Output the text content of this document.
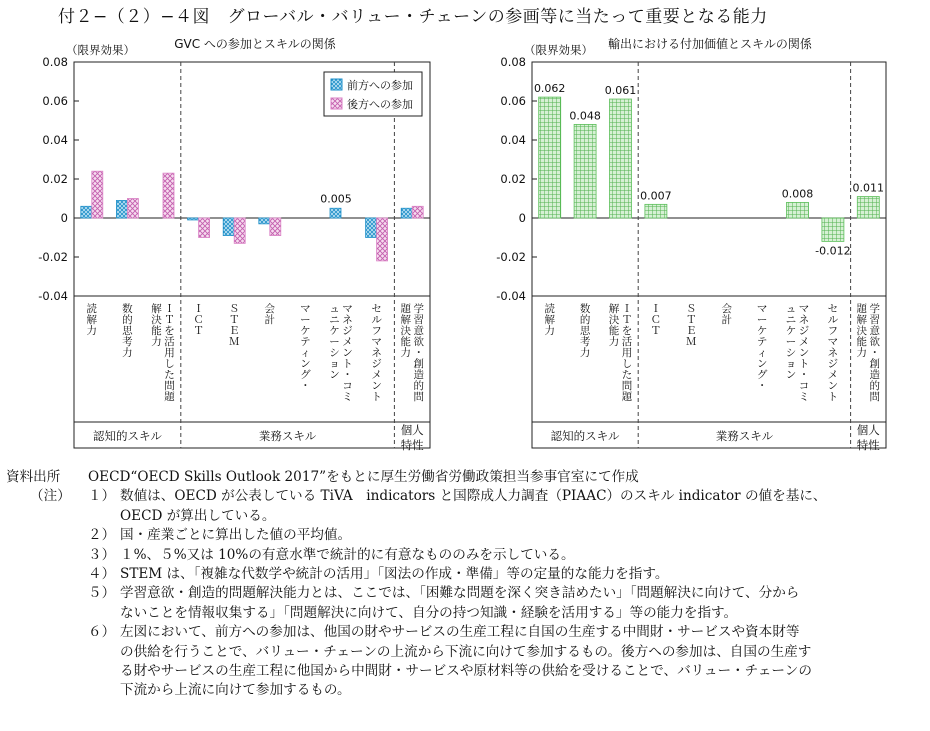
付２−（２）−４図　グローバル・バリュー・チェーンの参画等に当たって重要となる能力
GVC への参加とスキルの関係
（限界効果）
0.08
0.06
0.04
0.02
0
-0.02
-0.04
認知的スキル	業務スキル	個人
特性
読
解
力
数
的
思
考
力
Ｉ
Ｔ
を
活
用
し
た
問
題
解
決
能
力
Ｉ
Ｃ
Ｔ
Ｓ
Ｔ
Ｅ
Ｍ
会
計
マ
ー
ケ
テ
ィ
ン
グ
・
マ
ネ
ジ
メ
ン
ト
・
コ
ミ
ュ
ニ
ケ
ー
シ
ョ
ン
セ
ル
フ
マ
ネ
ジ
メ
ン
ト
学
習
意
欲
・
創
造
的
問
題
解
決
能
力
0.005
前方への参加
後方への参加
輸出における付加価値とスキルの関係
（限界効果）
0.08
0.06
0.04
0.02
0
-0.02
-0.04
認知的スキル	業務スキル	個人
特性
読
解
力
数
的
思
考
力
Ｉ
Ｔ
を
活
用
し
た
問
題
解
決
能
力
Ｉ
Ｃ
Ｔ
Ｓ
Ｔ
Ｅ
Ｍ
会
計
マ
ー
ケ
テ
ィ
ン
グ
・
マ
ネ
ジ
メ
ン
ト
・
コ
ミ
ュ
ニ
ケ
ー
シ
ョ
ン
セ
ル
フ
マ
ネ
ジ
メ
ン
ト
学
習
意
欲
・
創
造
的
問
題
解
決
能
力
0.062
0.048
0.061
0.007	0.008
-0.012
0.011
資料出所 OECD“OECD Skills Outlook 2017”をもとに厚生労働省労働政策担当参事官室にて作成
（注） １） 数値は、OECD が公表している TiVA　indicators と国際成人力調査（PIAAC）のスキル indicator の値を基に、
OECD が算出している。
２） 国・産業ごとに算出した値の平均値。
３） １%、５%又は 10%の有意水準で統計的に有意なもののみを示している。
４） STEM は、「複雑な代数学や統計の活用」「図法の作成・準備」等の定量的な能力を指す。
５） 学習意欲・創造的問題解決能力とは、ここでは、「困難な問題を深く突き詰めたい」「問題解決に向けて、分から
ないことを情報収集する」「問題解決に向けて、自分の持つ知識・経験を活用する」等の能力を指す。
６） 左図において、前方への参加は、他国の財やサービスの生産工程に自国の生産する中間財・サービスや資本財等
の供給を行うことで、バリュー・チェーンの上流から下流に向けて参加するもの。後方への参加は、自国の生産す
る財やサービスの生産工程に他国から中間財・サービスや原材料等の供給を受けることで、バリュー・チェーンの
下流から上流に向けて参加するもの。
